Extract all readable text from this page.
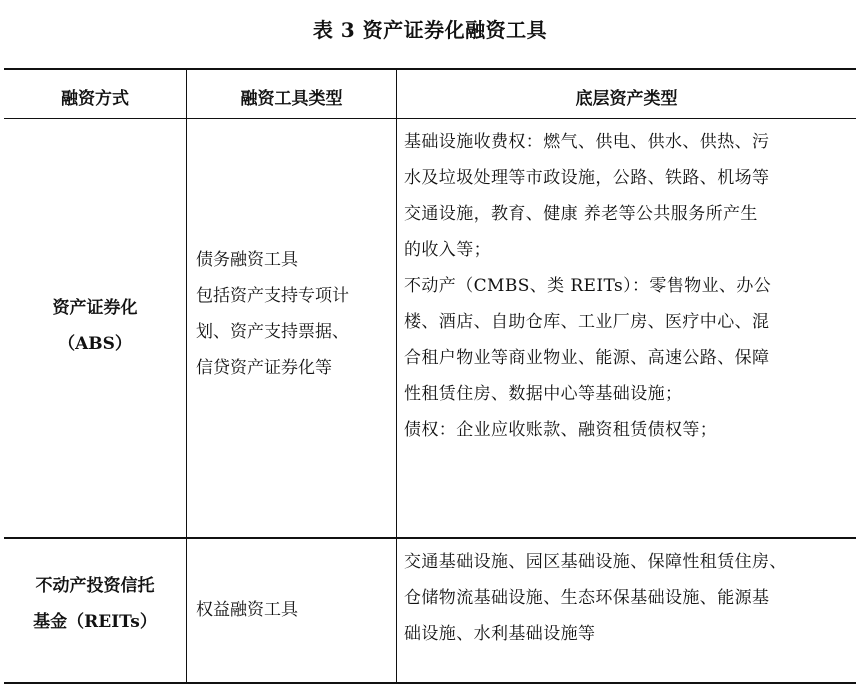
表 3 资产证券化融资工具
融资方式	融资工具类型	底层资产类型
资产证券化
（ABS）
债务融资工具
包括资产支持专项计
划、资产支持票据、
信贷资产证券化等
基础设施收费权：燃气、供电、供水、供热、污
水及垃圾处理等市政设施，公路、铁路、机场等
交通设施，教育、健康 养老等公共服务所产生
的收入等；
不动产（CMBS、类 REITs）：零售物业、办公
楼、酒店、自助仓库、工业厂房、医疗中心、混
合租户物业等商业物业、能源、高速公路、保障
性租赁住房、数据中心等基础设施；
债权：企业应收账款、融资租赁债权等；
不动产投资信托
基金（REITs）
权益融资工具
交通基础设施、园区基础设施、保障性租赁住房、
仓储物流基础设施、生态环保基础设施、能源基
础设施、水利基础设施等
